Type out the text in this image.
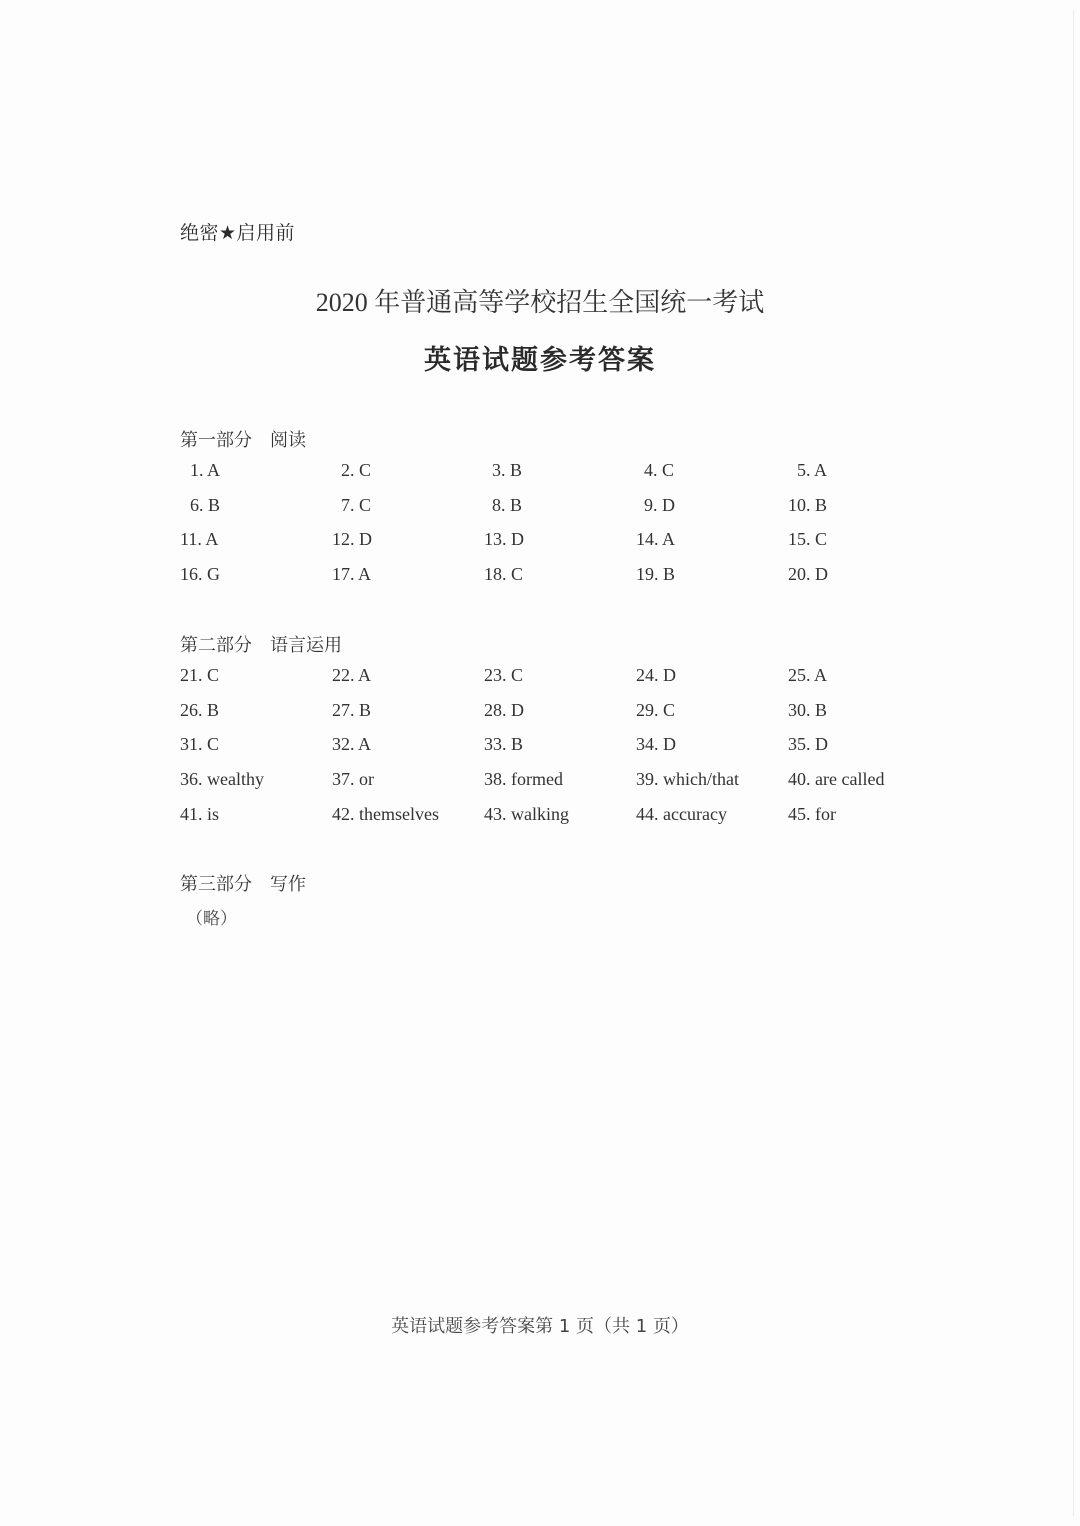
绝密★启用前
2020 年普通高等学校招生全国统一考试
英语试题参考答案
第一部分　阅读
1. A	2. C	3. B	4. C	5. A
6. B	7. C	8. B	9. D	10. B
11. A	12. D	13. D	14. A	15. C
16. G	17. A	18. C	19. B	20. D
第二部分　语言运用
21. C	22. A	23. C	24. D	25. A
26. B	27. B	28. D	29. C	30. B
31. C	32. A	33. B	34. D	35. D
36. wealthy	37. or	38. formed	39. which/that	40. are called
41. is	42. themselves	43. walking	44. accuracy	45. for
第三部分　写作
（略）
英语试题参考答案第 1 页（共 1 页）
